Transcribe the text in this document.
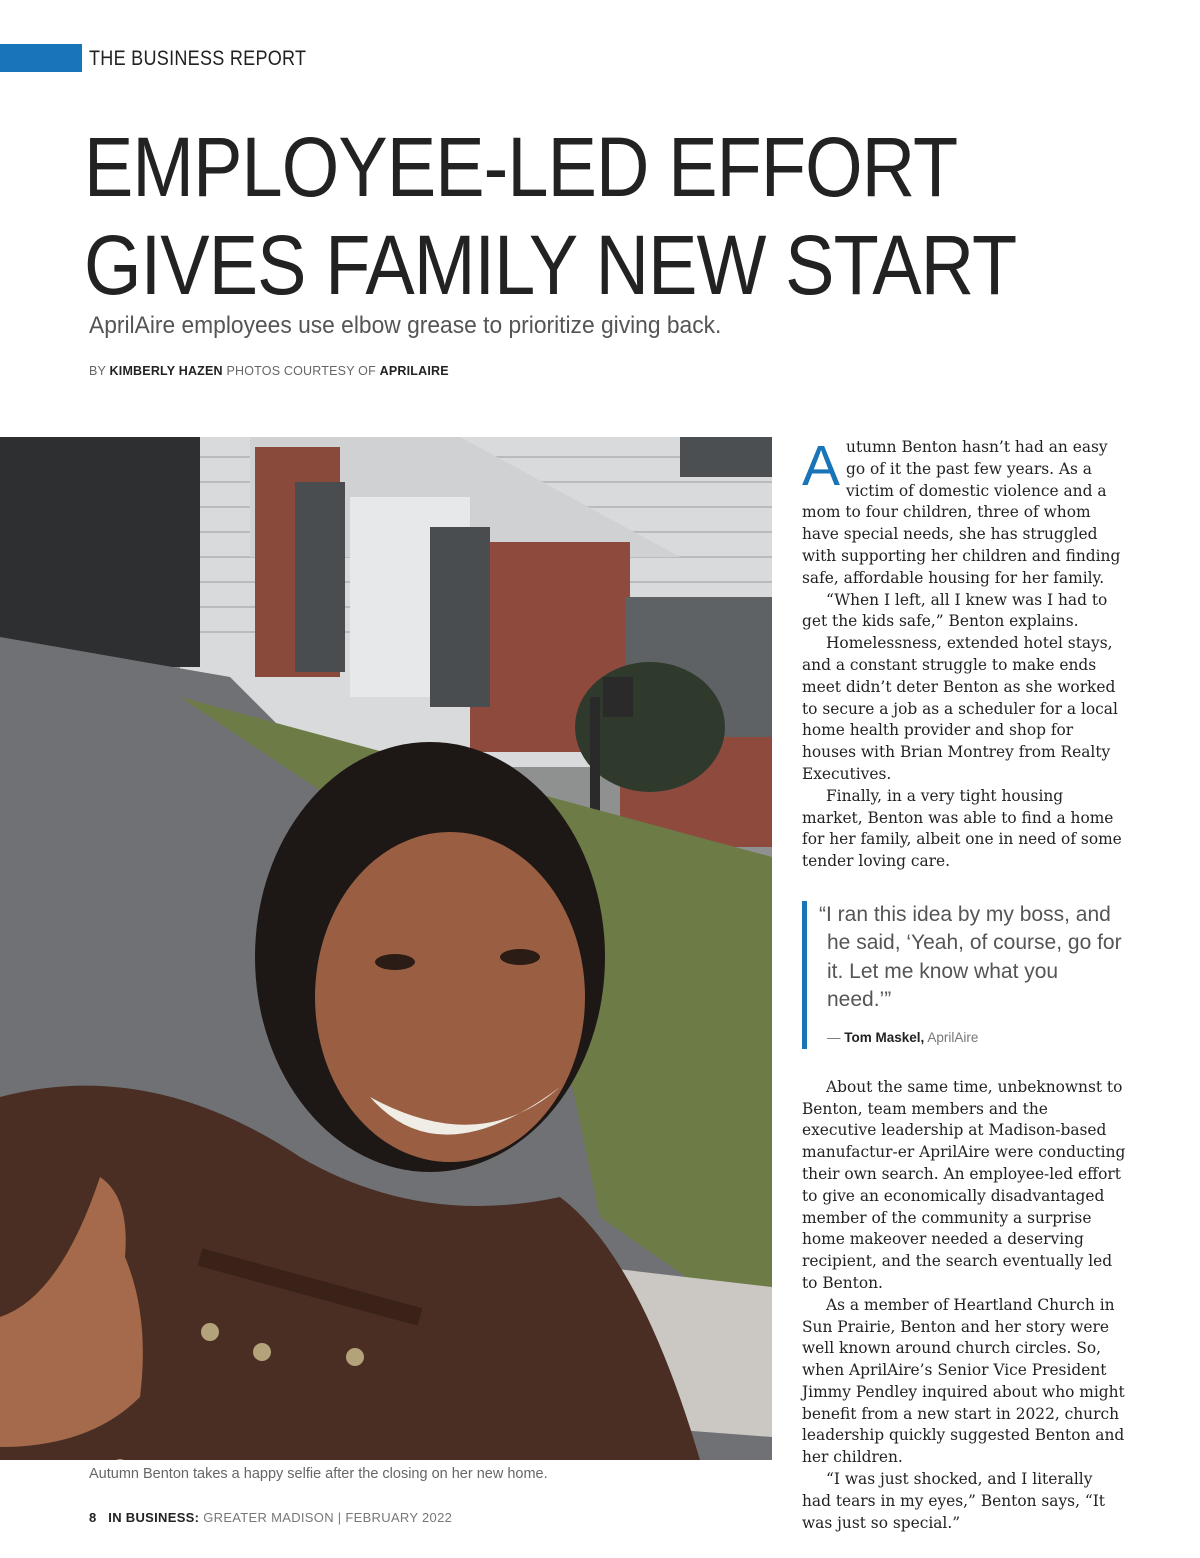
THE BUSINESS REPORT
EMPLOYEE-LED EFFORT
GIVES FAMILY NEW START
AprilAire employees use elbow grease to prioritize giving back.
BY KIMBERLY HAZEN PHOTOS COURTESY OF APRILAIRE
Autumn Benton takes a happy selfie after the closing on her new home.

Autumn Benton hasn’t had an easy go of it the past few years. As a victim of domestic violence and a mom to four children, three of whom have special needs, she has struggled with supporting her children and finding safe, affordable housing for her family.

“When I left, all I knew was I had to get the kids safe,” Benton explains.

Homelessness, extended hotel stays, and a constant struggle to make ends meet didn’t deter Benton as she worked to secure a job as a scheduler for a local home health provider and shop for houses with Brian Montrey from Realty Executives.

Finally, in a very tight housing market, Benton was able to find a home for her family, albeit one in need of some tender loving care.

“I ran this idea by my boss, and he said, ‘Yeah, of course, go for it. Let me know what you need.’”
— Tom Maskel, AprilAire

About the same time, unbeknownst to Benton, team members and the executive leadership at Madison-based manufactur-er AprilAire were conducting their own search. An employee-led effort to give an economically disadvantaged member of the community a surprise home makeover needed a deserving recipient, and the search eventually led to Benton.

As a member of Heartland Church in Sun Prairie, Benton and her story were well known around church circles. So, when AprilAire’s Senior Vice President Jimmy Pendley inquired about who might benefit from a new start in 2022, church leadership quickly suggested Benton and her children.

“I was just shocked, and I literally had tears in my eyes,” Benton says, “It was just so special.”

8 IN BUSINESS: GREATER MADISON | FEBRUARY 2022
